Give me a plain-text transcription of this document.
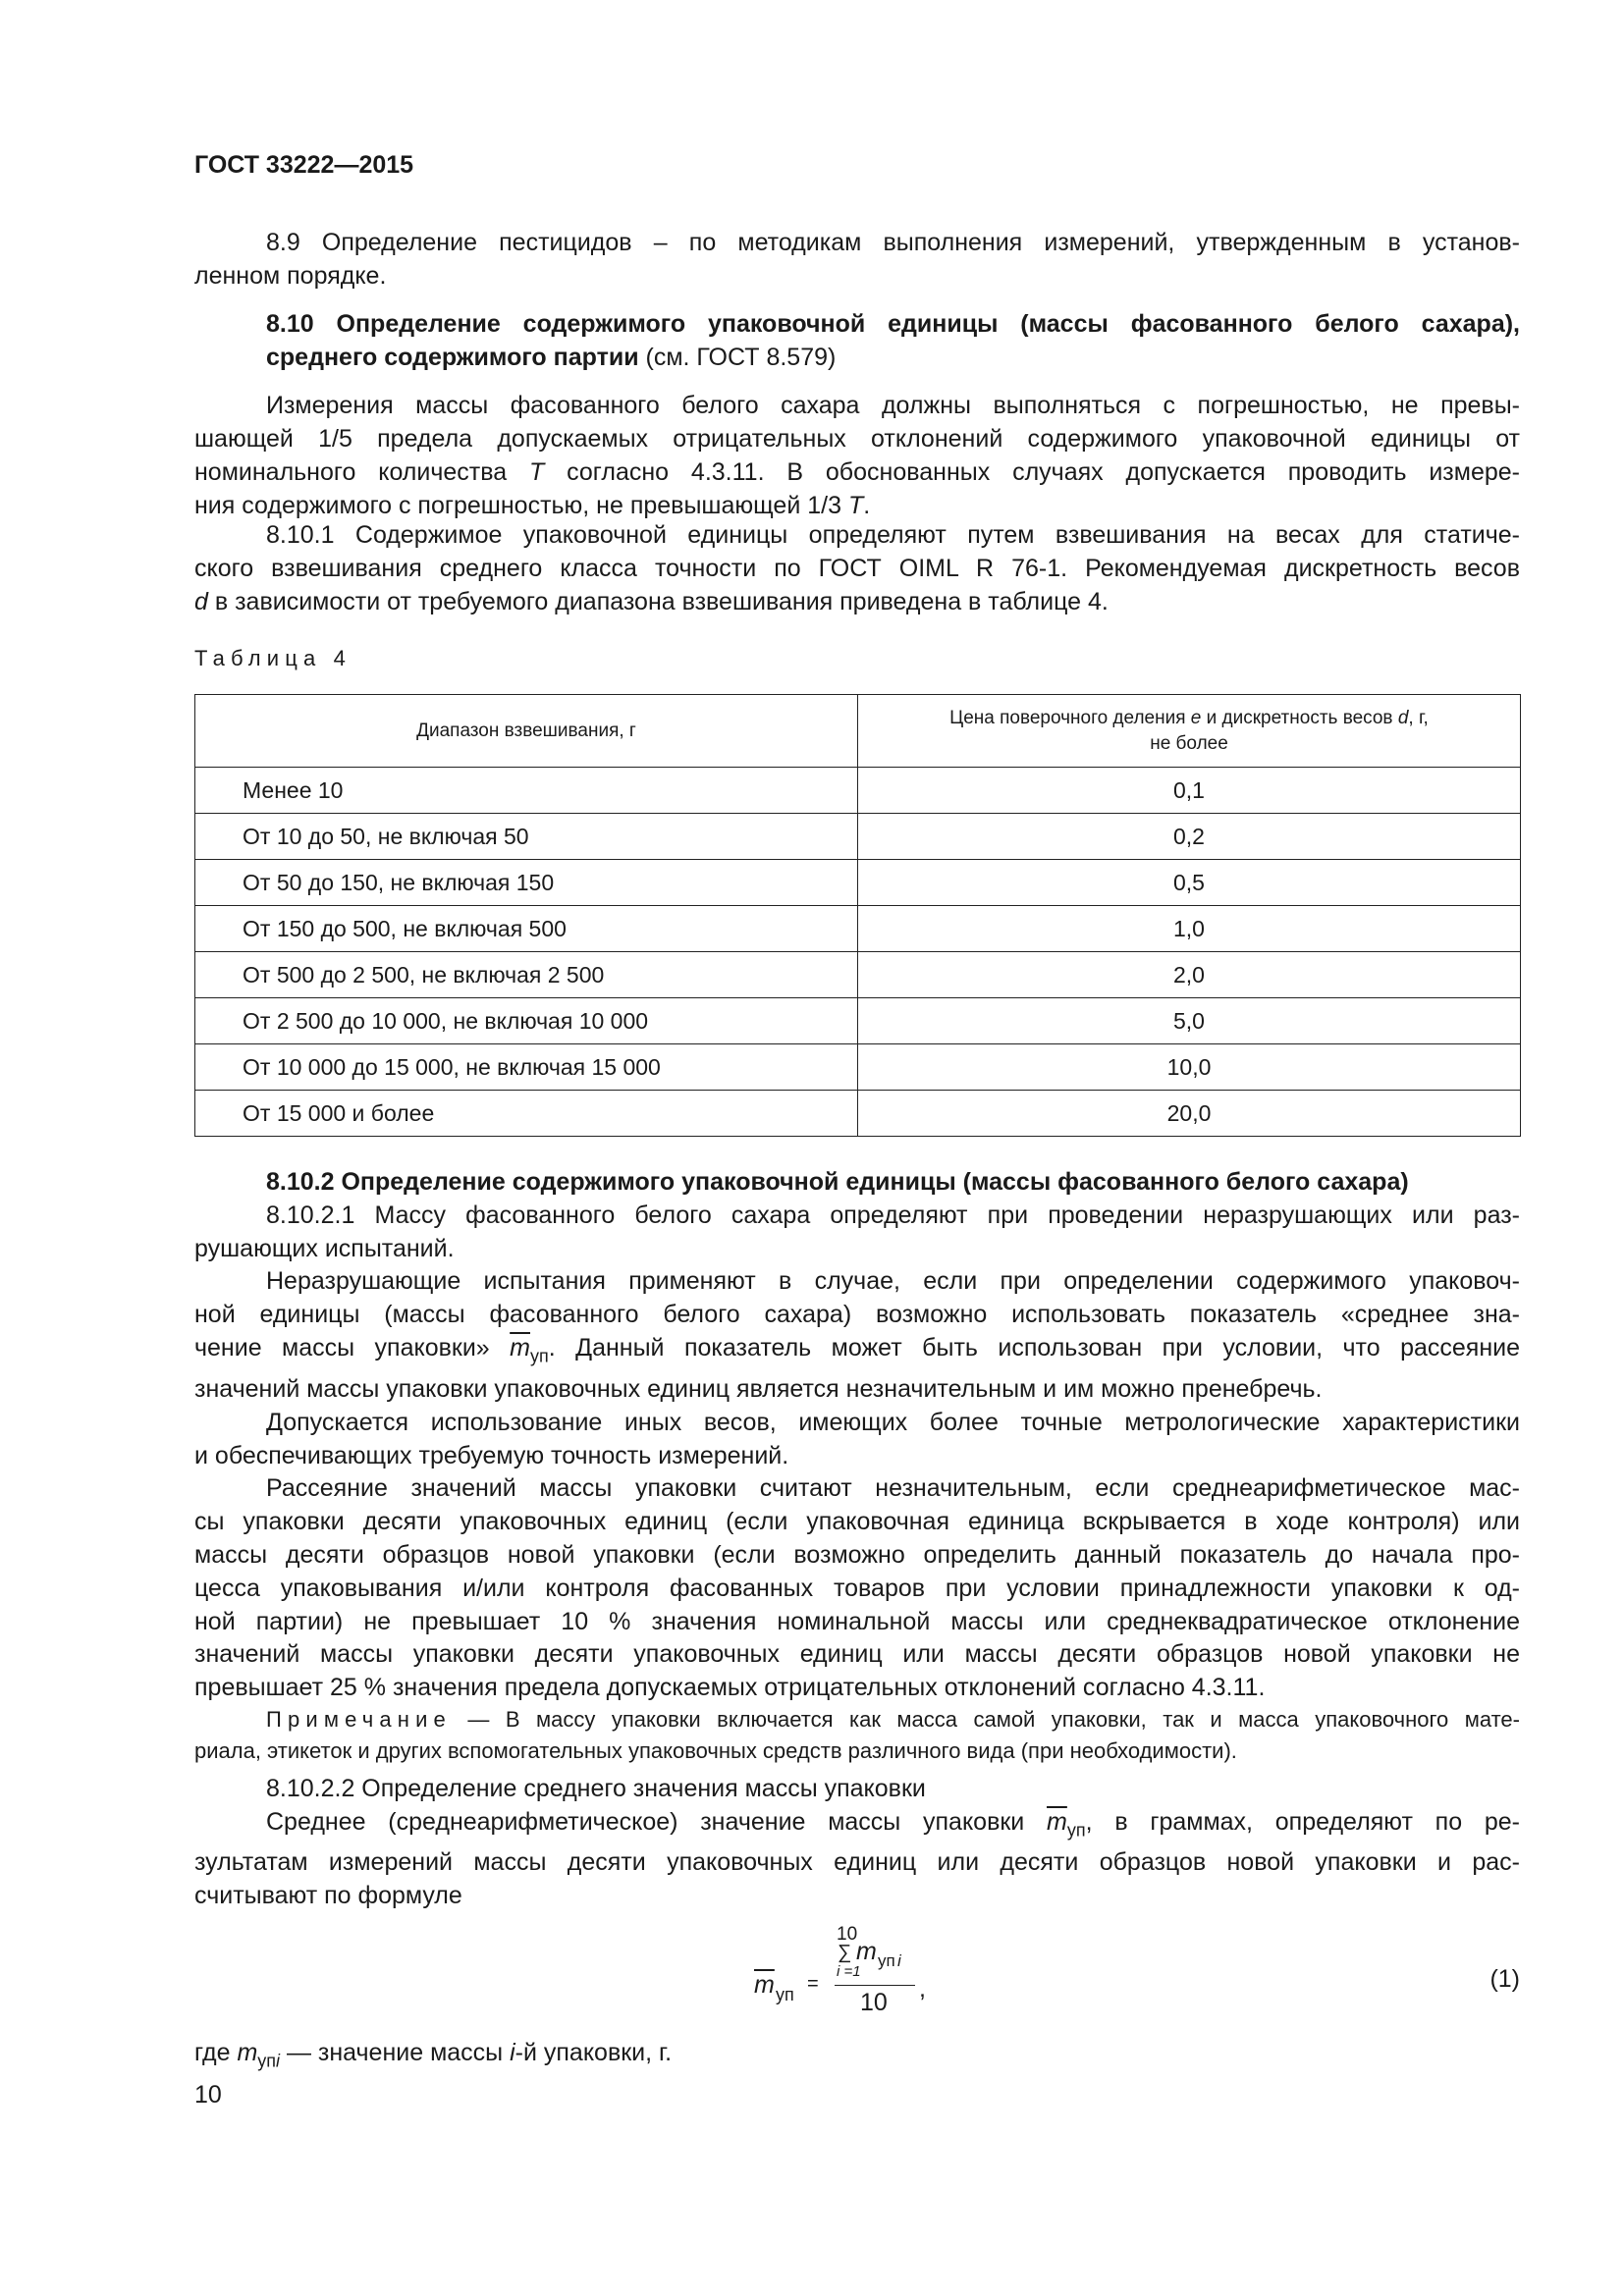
ГОСТ 33222—2015
8.9 Определение пестицидов – по методикам выполнения измерений, утвержденным в установ-
ленном порядке.
8.10 Определение содержимого упаковочной единицы (массы фасованного белого сахара),
среднего содержимого партии (см. ГОСТ 8.579)
Измерения массы фасованного белого сахара должны выполняться с погрешностью, не превы-
шающей 1/5 предела допускаемых отрицательных отклонений содержимого упаковочной единицы от
номинального количества T согласно 4.3.11. В обоснованных случаях допускается проводить измере-
ния содержимого с погрешностью, не превышающей 1/3 T.
8.10.1 Содержимое упаковочной единицы определяют путем взвешивания на весах для статиче-
ского взвешивания среднего класса точности по ГОСТ OIML R 76-1. Рекомендуемая дискретность весов
d в зависимости от требуемого диапазона взвешивания приведена в таблице 4.
Таблица 4
Диапазон взвешивания, г	Цена поверочного деления e и дискретность весов d, г,
не более

Менее 10	0,1
От 10 до 50, не включая 50	0,2
От 50 до 150, не включая 150	0,5
От 150 до 500, не включая 500	1,0
От 500 до 2 500, не включая 2 500	2,0
От 2 500 до 10 000, не включая 10 000	5,0
От 10 000 до 15 000, не включая 15 000	10,0
От 15 000 и более	20,0
8.10.2 Определение содержимого упаковочной единицы (массы фасованного белого сахара)
8.10.2.1 Массу фасованного белого сахара определяют при проведении неразрушающих или раз-
рушающих испытаний.
Неразрушающие испытания применяют в случае, если при определении содержимого упаковоч-
ной единицы (массы фасованного белого сахара) возможно использовать показатель «среднее зна-
чение массы упаковки» $\overline{m}_{уп}$. Данный показатель может быть использован при условии, что рассеяние
значений массы упаковки упаковочных единиц является незначительным и им можно пренебречь.
Допускается использование иных весов, имеющих более точные метрологические характеристики
и обеспечивающих требуемую точность измерений.
Рассеяние значений массы упаковки считают незначительным, если среднеарифметическое мас-
сы упаковки десяти упаковочных единиц (если упаковочная единица вскрывается в ходе контроля) или
массы десяти образцов новой упаковки (если возможно определить данный показатель до начала про-
цесса упаковывания и/или контроля фасованных товаров при условии принадлежности упаковки к од-
ной партии) не превышает 10 % значения номинальной массы или среднеквадратическое отклонение
значений массы упаковки десяти упаковочных единиц или массы десяти образцов новой упаковки не
превышает 25 % значения предела допускаемых отрицательных отклонений согласно 4.3.11.
Примечание — В массу упаковки включается как масса самой упаковки, так и масса упаковочного мате-
риала, этикеток и других вспомогательных упаковочных средств различного вида (при необходимости).
8.10.2.2 Определение среднего значения массы упаковки
Среднее (среднеарифметическое) значение массы упаковки $\overline{m}_{уп}$, в граммах, определяют по ре-
зультатам измерений массы десяти упаковочных единиц или десяти образцов новой упаковки и рас-
считывают по формуле
$\overline{m}$ уп =
10
∑ m уп i
i =1
10 ,	(1)
где $m_{упi}$ — значение массы i-й упаковки, г.
10
